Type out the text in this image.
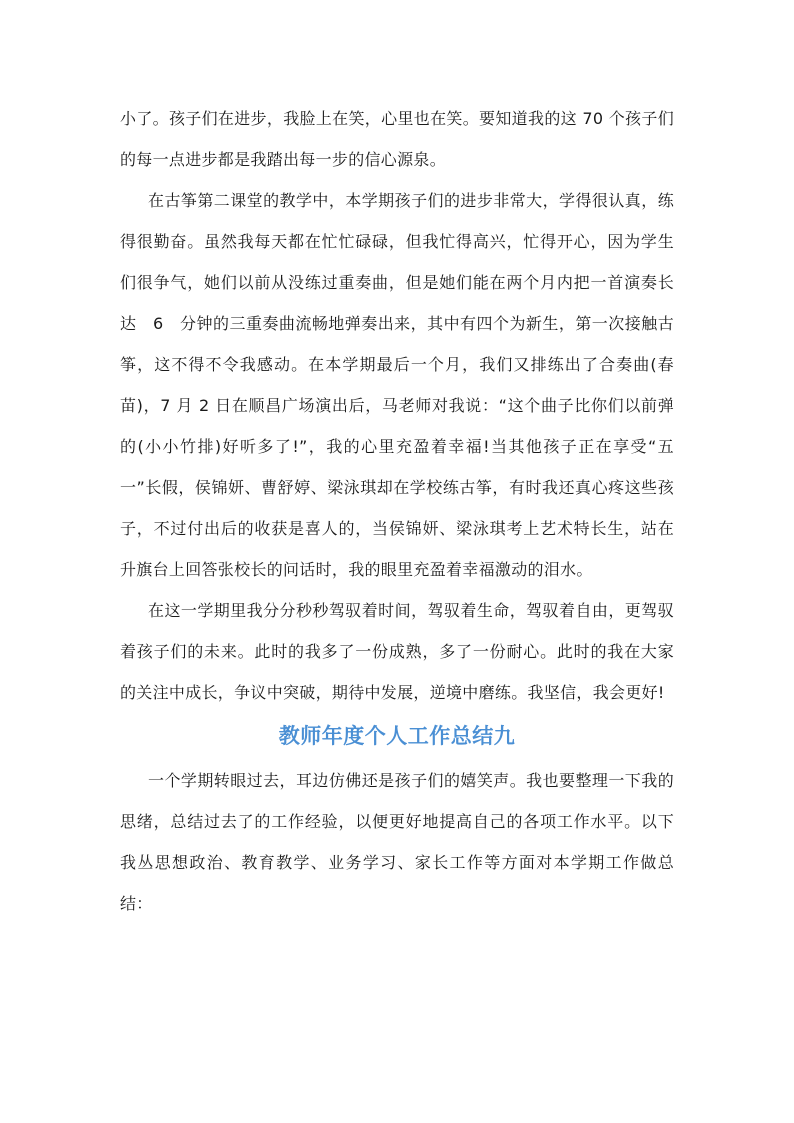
小了。孩子们在进步，我脸上在笑，心里也在笑。要知道我的这 70 个孩子们的每一点进步都是我踏出每一步的信心源泉。

在古筝第二课堂的教学中，本学期孩子们的进步非常大，学得很认真，练得很勤奋。虽然我每天都在忙忙碌碌，但我忙得高兴，忙得开心，因为学生们很争气，她们以前从没练过重奏曲，但是她们能在两个月内把一首演奏长达　6　分钟的三重奏曲流畅地弹奏出来，其中有四个为新生，第一次接触古筝，这不得不令我感动。在本学期最后一个月，我们又排练出了合奏曲(春苗)，7 月 2 日在顺昌广场演出后，马老师对我说：“这个曲子比你们以前弹的(小小竹排)好听多了!”，我的心里充盈着幸福!当其他孩子正在享受“五一”长假，侯锦妍、曹舒婷、梁泳琪却在学校练古筝，有时我还真心疼这些孩子，不过付出后的收获是喜人的，当侯锦妍、梁泳琪考上艺术特长生，站在升旗台上回答张校长的问话时，我的眼里充盈着幸福激动的泪水。

在这一学期里我分分秒秒驾驭着时间，驾驭着生命，驾驭着自由，更驾驭着孩子们的未来。此时的我多了一份成熟，多了一份耐心。此时的我在大家的关注中成长，争议中突破，期待中发展，逆境中磨练。我坚信，我会更好!

教师年度个人工作总结九

一个学期转眼过去，耳边仿佛还是孩子们的嬉笑声。我也要整理一下我的思绪，总结过去了的工作经验，以便更好地提高自己的各项工作水平。以下我丛思想政治、教育教学、业务学习、家长工作等方面对本学期工作做总结：
